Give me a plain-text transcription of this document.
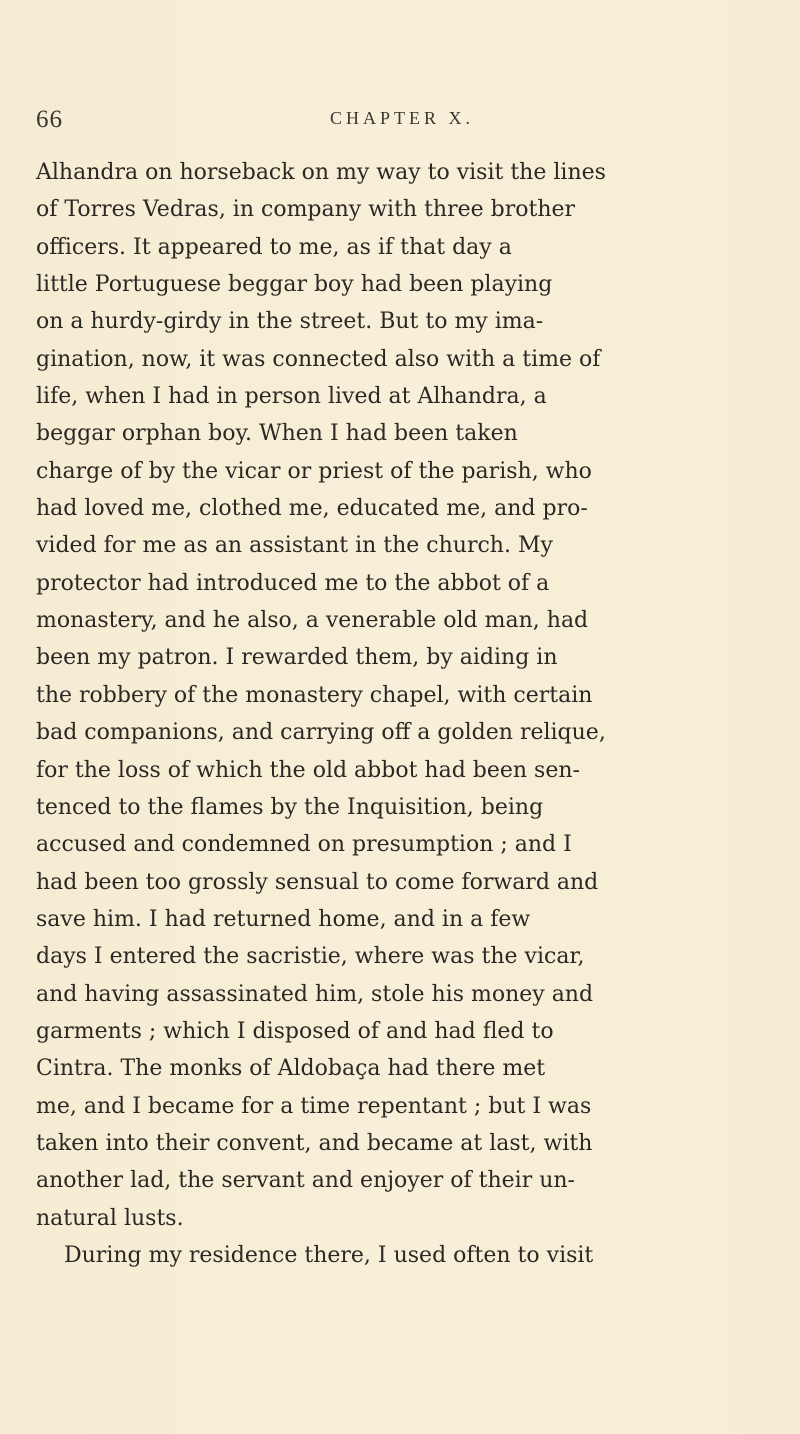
66	CHAPTER X.
Alhandra on horseback on my way to visit the lines
of Torres Vedras, in company with three brother
officers. It appeared to me, as if that day a
little Portuguese beggar boy had been playing
on a hurdy-girdy in the street. But to my ima-
gination, now, it was connected also with a time of
life, when I had in person lived at Alhandra, a
beggar orphan boy. When I had been taken
charge of by the vicar or priest of the parish, who
had loved me, clothed me, educated me, and pro-
vided for me as an assistant in the church. My
protector had introduced me to the abbot of a
monastery, and he also, a venerable old man, had
been my patron. I rewarded them, by aiding in
the robbery of the monastery chapel, with certain
bad companions, and carrying off a golden relique,
for the loss of which the old abbot had been sen-
tenced to the flames by the Inquisition, being
accused and condemned on presumption ; and I
had been too grossly sensual to come forward and
save him. I had returned home, and in a few
days I entered the sacristie, where was the vicar,
and having assassinated him, stole his money and
garments ; which I disposed of and had fled to
Cintra. The monks of Aldobaça had there met
me, and I became for a time repentant ; but I was
taken into their convent, and became at last, with
another lad, the servant and enjoyer of their un-
natural lusts.
During my residence there, I used often to visit
